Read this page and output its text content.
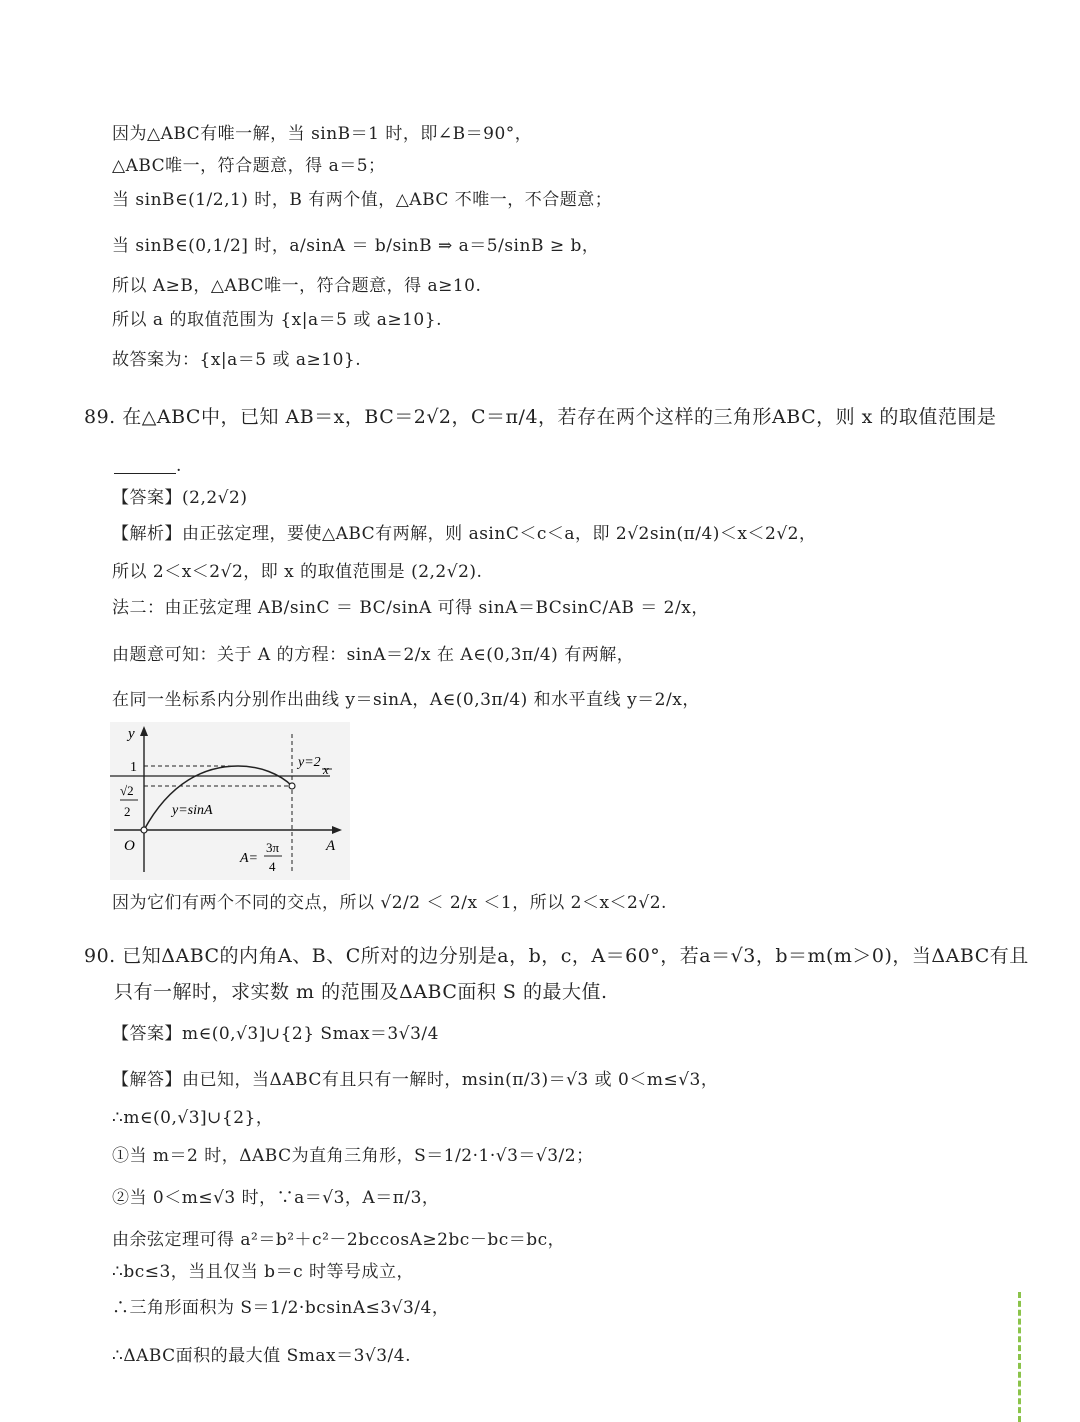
因为△ABC有唯一解，当 sinB＝1 时，即∠B＝90°，
△ABC唯一，符合题意，得 a＝5；
当 sinB∈(1/2,1) 时，B 有两个值，△ABC 不唯一，不合题意；
当 sinB∈(0,1/2] 时，a/sinA ＝ b/sinB ⇒ a＝5/sinB ≥ b，
所以 A≥B，△ABC唯一，符合题意，得 a≥10.
所以 a 的取值范围为 {x|a＝5 或 a≥10}.
故答案为：{x|a＝5 或 a≥10}.
89. 在△ABC中，已知 AB＝x，BC＝2√2，C＝π/4，若存在两个这样的三角形ABC，则 x 的取值范围是
.
【答案】(2,2√2)
【解析】由正弦定理，要使△ABC有两解，则 asinC＜c＜a，即 2√2sin(π/4)＜x＜2√2，
所以 2＜x＜2√2，即 x 的取值范围是 (2,2√2).
法二：由正弦定理 AB/sinC ＝ BC/sinA 可得 sinA＝BCsinC/AB ＝ 2/x，
由题意可知：关于 A 的方程：sinA＝2/x 在 A∈(0,3π/4) 有两解，
在同一坐标系内分别作出曲线 y＝sinA，A∈(0,3π/4) 和水平直线 y＝2/x，
y
A
O
1
√2
2	y=sinA
y=2 x
A=
3π
4
因为它们有两个不同的交点，所以 √2/2 ＜ 2/x ＜1，所以 2＜x＜2√2.
90. 已知ΔABC的内角A、B、C所对的边分别是a，b，c，A＝60°，若a＝√3，b＝m(m＞0)，当ΔABC有且
只有一解时，求实数 m 的范围及ΔABC面积 S 的最大值.
【答案】m∈(0,√3]∪{2} Smax＝3√3/4
【解答】由已知，当ΔABC有且只有一解时，msin(π/3)＝√3 或 0＜m≤√3，
∴m∈(0,√3]∪{2}，
①当 m＝2 时，ΔABC为直角三角形，S＝1/2·1·√3＝√3/2；
②当 0＜m≤√3 时，∵a＝√3，A＝π/3，
由余弦定理可得 a²＝b²＋c²－2bccosA≥2bc－bc＝bc，
∴bc≤3，当且仅当 b＝c 时等号成立，
∴三角形面积为 S＝1/2·bcsinA≤3√3/4，
∴ΔABC面积的最大值 Smax＝3√3/4.
